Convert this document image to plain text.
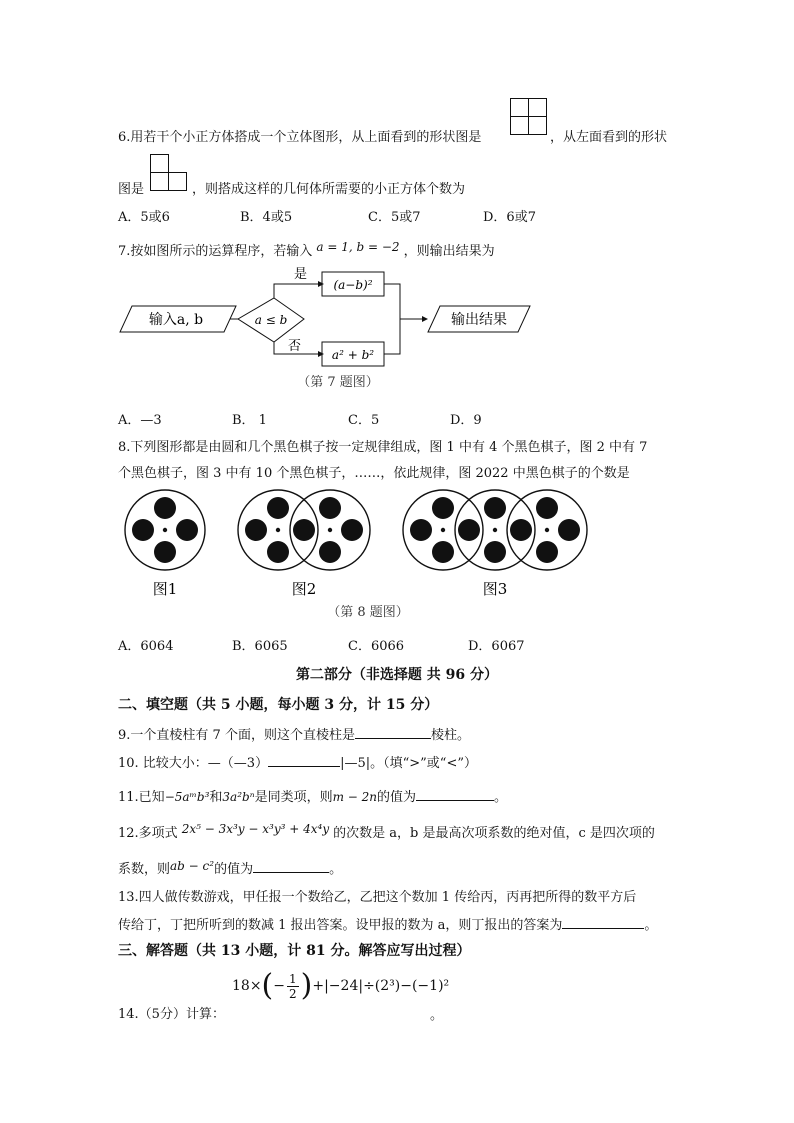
6.用若干个小正方体搭成一个立体图形，从上面看到的形状图是	，从左面看到的形状
图是	，则搭成这样的几何体所需要的小正方体个数为
A．5或6	B．4或5	C．5或7	D．6或7
7.按如图所示的运算程序，若输入 a = 1, b = −2 ，则输出结果为
输入a, b	a ≤ b
是
(a−b)²
否
a² + b²
输出结果
（第 7 题图）
A．—3	B． 1	C．5	D．9
8.下列图形都是由圆和几个黑色棋子按一定规律组成，图 1 中有 4 个黑色棋子，图 2 中有 7
个黑色棋子，图 3 中有 10 个黑色棋子，……，依此规律，图 2022 中黑色棋子的个数是
图1	图2	图3
（第 8 题图）
A．6064	B．6065	C．6066	D．6067
第二部分（非选择题 共 96 分）
二、填空题（共 5 小题，每小题 3 分，计 15 分）
9.一个直棱柱有 7 个面，则这个直棱柱是	棱柱。
10. 比较大小：—（—3）	|—5|。（填“>”或“<”）
11.已知−5aᵐb³和3a²bⁿ是同类项，则m − 2n的值为	。
12.多项式 2x⁵ − 3x³y − x³y³ + 4x⁴y 的次数是 a，b 是最高次项系数的绝对值，c 是四次项的
系数，则ab − c²的值为	。
13.四人做传数游戏，甲任报一个数给乙，乙把这个数加 1 传给丙，丙再把所得的数平方后
传给丁，丁把所听到的数减 1 报出答案。设甲报的数为 a，则丁报出的答案为	。
三、解答题（共 13 小题，计 81 分。解答应写出过程）
14.（5分）计算：
18× ( − $\frac{1}{2}$ ) +|−24|÷(2³)−(−1)²
。
